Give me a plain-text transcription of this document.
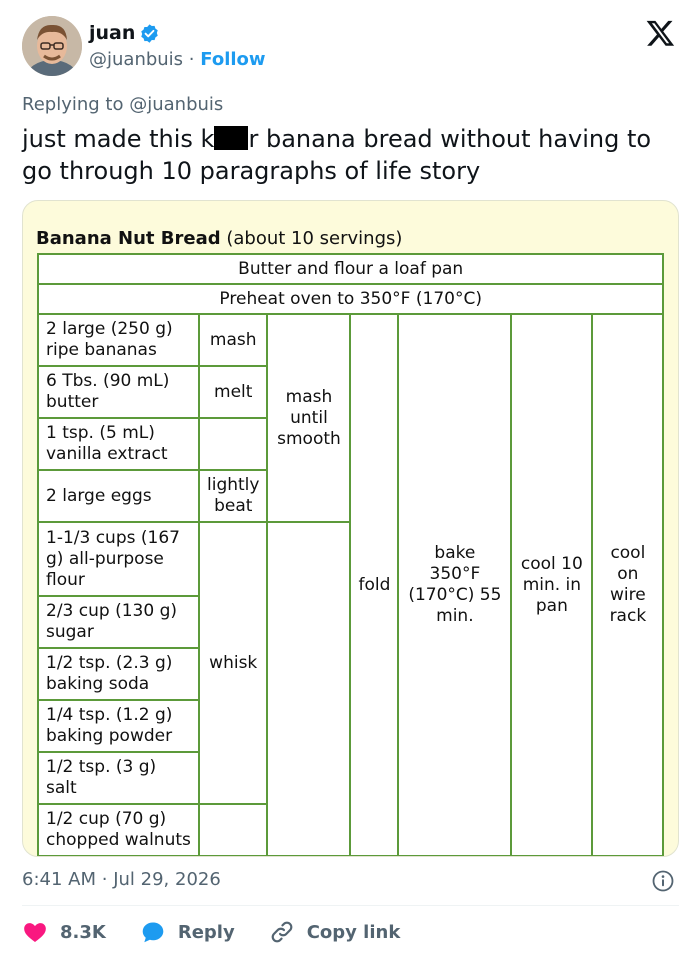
juan
@juanbuis · Follow
Replying to @juanbuis
just made this k r banana bread without having to go through 10 paragraphs of life story
Banana Nut Bread (about 10 servings)
Butter and flour a loaf pan						
Preheat oven to 350°F (170°C)						
2 large (250 g) ripe bananas	mash	mash until smooth	fold	bake 350°F (170°C) 55 min.	cool 10 min. in pan	cool on wire rack
6 Tbs. (90 mL) butter	melt					
1 tsp. (5 mL) vanilla extract						
2 large eggs	lightly beat					
1-1/3 cups (167 g) all-purpose flour	whisk					
2/3 cup (130 g) sugar						
1/2 tsp. (2.3 g) baking soda						
1/4 tsp. (1.2 g) baking powder						
1/2 tsp. (3 g) salt						
1/2 cup (70 g) chopped walnuts						
6:41 AM · Jul 29, 2026
8.3K	Reply	Copy link
